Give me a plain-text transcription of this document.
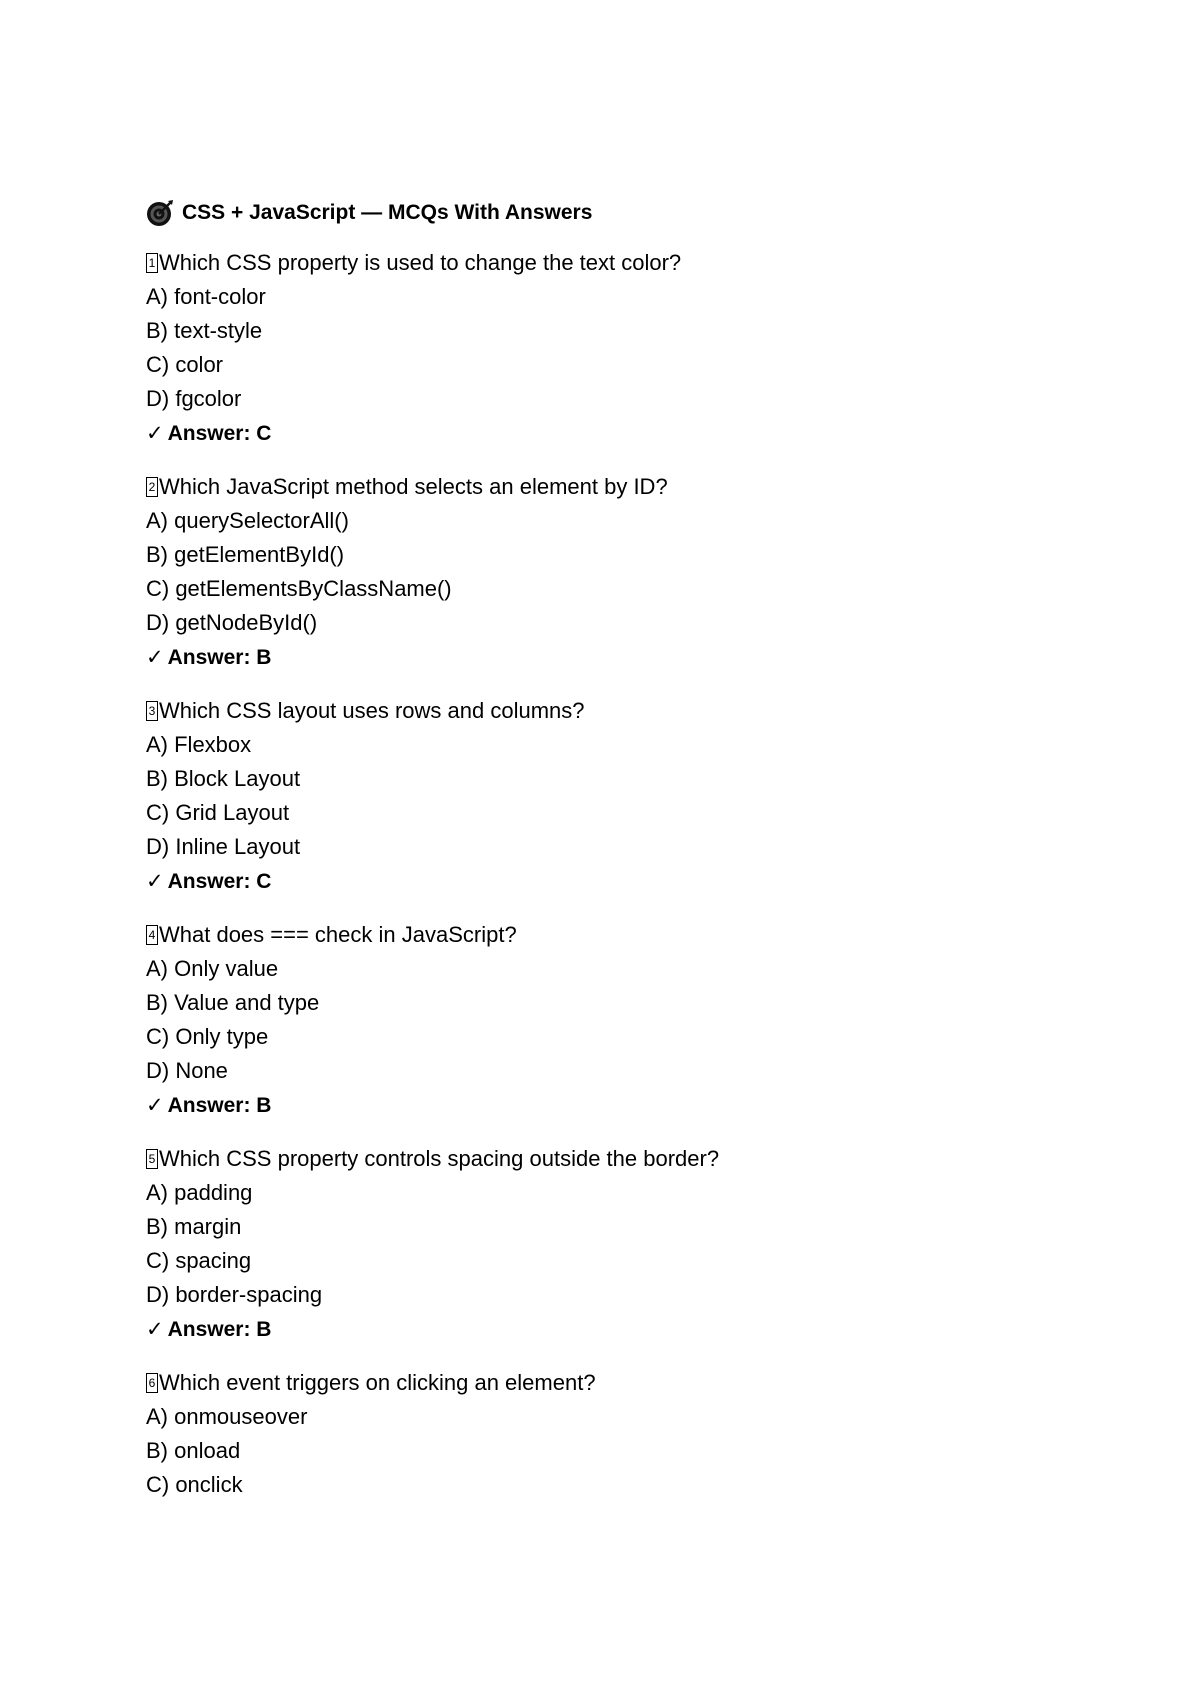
CSS + JavaScript — MCQs With Answers
1 Which CSS property is used to change the text color?
A) font-color
B) text-style
C) color
D) fgcolor
✓ Answer: C
2 Which JavaScript method selects an element by ID?
A) querySelectorAll()
B) getElementById()
C) getElementsByClassName()
D) getNodeById()
✓ Answer: B
3 Which CSS layout uses rows and columns?
A) Flexbox
B) Block Layout
C) Grid Layout
D) Inline Layout
✓ Answer: C
4 What does === check in JavaScript?
A) Only value
B) Value and type
C) Only type
D) None
✓ Answer: B
5 Which CSS property controls spacing outside the border?
A) padding
B) margin
C) spacing
D) border-spacing
✓ Answer: B
6 Which event triggers on clicking an element?
A) onmouseover
B) onload
C) onclick
